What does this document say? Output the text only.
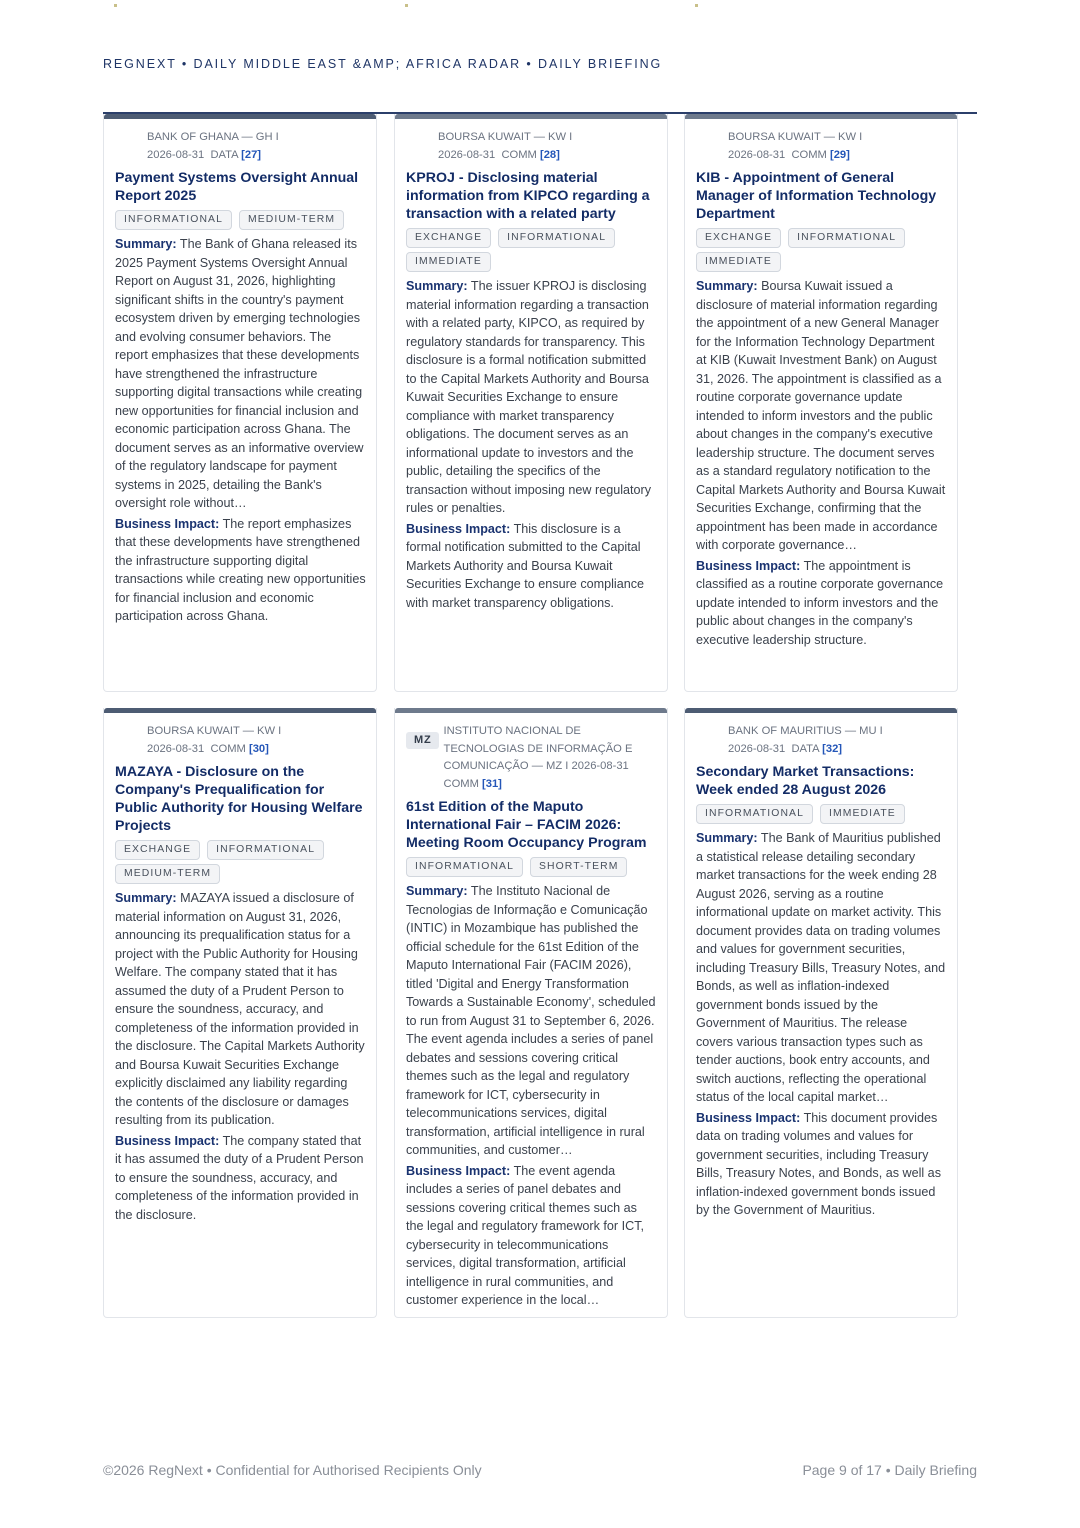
REGNEXT • DAILY MIDDLE EAST &AMP; AFRICA RADAR • DAILY BRIEFING
BANK OF GHANA — GH I
2026-08-31 DATA [27]
Payment Systems Oversight Annual Report 2025
INFORMATIONAL	MEDIUM-TERM

Summary: The Bank of Ghana released its 2025 Payment Systems Oversight Annual Report on August 31, 2026, highlighting significant shifts in the country's payment ecosystem driven by emerging technologies and evolving consumer behaviors. The report emphasizes that these developments have strengthened the infrastructure supporting digital transactions while creating new opportunities for financial inclusion and economic participation across Ghana. The document serves as an informative overview of the regulatory landscape for payment systems in 2025, detailing the Bank's oversight role without…

Business Impact: The report emphasizes that these developments have strengthened the infrastructure supporting digital transactions while creating new opportunities for financial inclusion and economic participation across Ghana.

BOURSA KUWAIT — KW I
2026-08-31 COMM [28]
KPROJ - Disclosing material information from KIPCO regarding a transaction with a related party
EXCHANGE	INFORMATIONAL
IMMEDIATE

Summary: The issuer KPROJ is disclosing material information regarding a transaction with a related party, KIPCO, as required by regulatory standards for transparency. This disclosure is a formal notification submitted to the Capital Markets Authority and Boursa Kuwait Securities Exchange to ensure compliance with market transparency obligations. The document serves as an informational update to investors and the public, detailing the specifics of the transaction without imposing new regulatory rules or penalties.

Business Impact: This disclosure is a formal notification submitted to the Capital Markets Authority and Boursa Kuwait Securities Exchange to ensure compliance with market transparency obligations.

BOURSA KUWAIT — KW I
2026-08-31 COMM [29]
KIB - Appointment of General Manager of Information Technology Department
EXCHANGE	INFORMATIONAL
IMMEDIATE

Summary: Boursa Kuwait issued a disclosure of material information regarding the appointment of a new General Manager for the Information Technology Department at KIB (Kuwait Investment Bank) on August 31, 2026. The appointment is classified as a routine corporate governance update intended to inform investors and the public about changes in the company's executive leadership structure. The document serves as a standard regulatory notification to the Capital Markets Authority and Boursa Kuwait Securities Exchange, confirming that the appointment has been made in accordance with corporate governance…

Business Impact: The appointment is classified as a routine corporate governance update intended to inform investors and the public about changes in the company's executive leadership structure.

BOURSA KUWAIT — KW I
2026-08-31 COMM [30]
MAZAYA - Disclosure on the Company's Prequalification for Public Authority for Housing Welfare Projects
EXCHANGE	INFORMATIONAL
MEDIUM-TERM

Summary: MAZAYA issued a disclosure of material information on August 31, 2026, announcing its prequalification status for a project with the Public Authority for Housing Welfare. The company stated that it has assumed the duty of a Prudent Person to ensure the soundness, accuracy, and completeness of the information provided in the disclosure. The Capital Markets Authority and Boursa Kuwait Securities Exchange explicitly disclaimed any liability regarding the contents of the disclosure or damages resulting from its publication.

Business Impact: The company stated that it has assumed the duty of a Prudent Person to ensure the soundness, accuracy, and completeness of the information provided in the disclosure.

MZ
INSTITUTO NACIONAL DE TECNOLOGIAS DE INFORMAÇÃO E COMUNICAÇÃO — MZ I 2026-08-31  COMM [31]
61st Edition of the Maputo International Fair – FACIM 2026: Meeting Room Occupancy Program
INFORMATIONAL	SHORT-TERM

Summary: The Instituto Nacional de Tecnologias de Informação e Comunicação (INTIC) in Mozambique has published the official schedule for the 61st Edition of the Maputo International Fair (FACIM 2026), titled 'Digital and Energy Transformation Towards a Sustainable Economy', scheduled to run from August 31 to September 6, 2026. The event agenda includes a series of panel debates and sessions covering critical themes such as the legal and regulatory framework for ICT, cybersecurity in telecommunications services, digital transformation, artificial intelligence in rural communities, and customer…

Business Impact: The event agenda includes a series of panel debates and sessions covering critical themes such as the legal and regulatory framework for ICT, cybersecurity in telecommunications services, digital transformation, artificial intelligence in rural communities, and customer experience in the local…

BANK OF MAURITIUS — MU I
2026-08-31 DATA [32]
Secondary Market Transactions: Week ended 28 August 2026
INFORMATIONAL	IMMEDIATE

Summary: The Bank of Mauritius published a statistical release detailing secondary market transactions for the week ending 28 August 2026, serving as a routine informational update on market activity. This document provides data on trading volumes and values for government securities, including Treasury Bills, Treasury Notes, and Bonds, as well as inflation-indexed government bonds issued by the Government of Mauritius. The release covers various transaction types such as tender auctions, book entry accounts, and switch auctions, reflecting the operational status of the local capital market…

Business Impact: This document provides data on trading volumes and values for government securities, including Treasury Bills, Treasury Notes, and Bonds, as well as inflation-indexed government bonds issued by the Government of Mauritius.

©2026 RegNext • Confidential for Authorised Recipients Only	Page 9 of 17 • Daily Briefing
